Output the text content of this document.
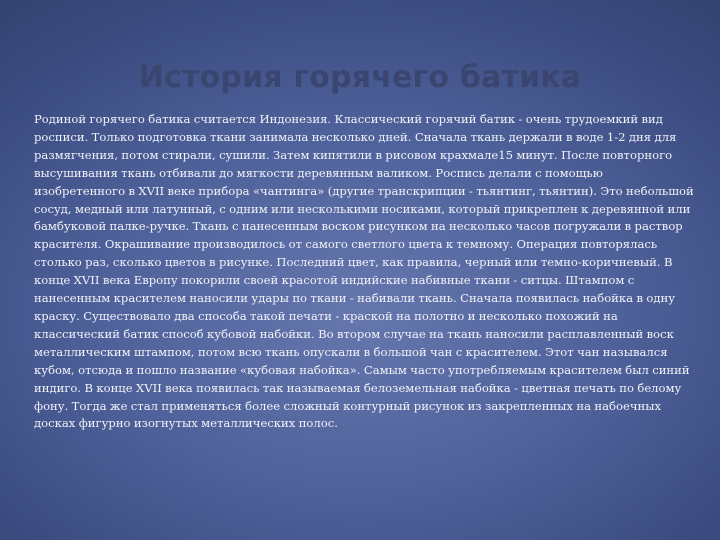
История горячего батика

Родиной горячего батика считается Индонезия. Классический горячий батик - очень трудоемкий вид росписи. Только подготовка ткани занимала несколько дней. Сначала ткань держали в воде 1-2 дня для размягчения, потом стирали, сушили. Затем кипятили в рисовом крахмале15 минут. После повторного высушивания ткань отбивали до мягкости деревянным валиком. Роспись делали с помощью изобретенного в XVII веке прибора «чантинга» (другие транскрипции - тьянтинг, тьянтин). Это небольшой сосуд, медный или латунный, с одним или несколькими носиками, который прикреплен к деревянной или бамбуковой палке-ручке. Ткань с нанесенным воском рисунком на несколько часов погружали в раствор красителя. Окрашивание производилось от самого светлого цвета к темному. Операция повторялась столько раз, сколько цветов в рисунке. Последний цвет, как правила, черный или темно-коричневый. В конце XVII века Европу покорили своей красотой индийские набивные ткани - ситцы. Штампом с нанесенным красителем наносили удары по ткани - набивали ткань. Сначала появилась набойка в одну краску. Существовало два способа такой печати - краской на полотно и несколько похожий на классический батик способ кубовой набойки. Во втором случае на ткань наносили расплавленный воск металлическим штампом, потом всю ткань опускали в большой чан с красителем. Этот чан назывался кубом, отсюда и пошло название «кубовая набойка». Самым часто употребляемым красителем был синий индиго. В конце XVII века появилась так называемая белоземельная набойка - цветная печать по белому фону. Тогда же стал применяться более сложный контурный рисунок из закрепленных на набоечных досках фигурно изогнутых металлических полос.
